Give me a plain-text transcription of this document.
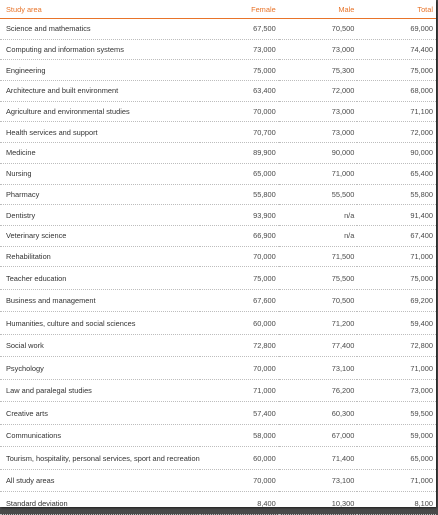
Study area	Female	Male	Total
Science and mathematics	67,500	70,500	69,000
Computing and information systems	73,000	73,000	74,400
Engineering	75,000	75,300	75,000
Architecture and built environment	63,400	72,000	68,000
Agriculture and environmental studies	70,000	73,000	71,100
Health services and support	70,700	73,000	72,000
Medicine	89,900	90,000	90,000
Nursing	65,000	71,000	65,400
Pharmacy	55,800	55,500	55,800
Dentistry	93,900	n/a	91,400
Veterinary science	66,900	n/a	67,400
Rehabilitation	70,000	71,500	71,000
Teacher education	75,000	75,500	75,000
Business and management	67,600	70,500	69,200
Humanities, culture and social sciences	60,000	71,200	59,400
Social work	72,800	77,400	72,800
Psychology	70,000	73,100	71,000
Law and paralegal studies	71,000	76,200	73,000
Creative arts	57,400	60,300	59,500
Communications	58,000	67,000	59,000
Tourism, hospitality, personal services, sport and recreation	60,000	71,400	65,000
All study areas	70,000	73,100	71,000
Standard deviation	8,400	10,300	8,100
